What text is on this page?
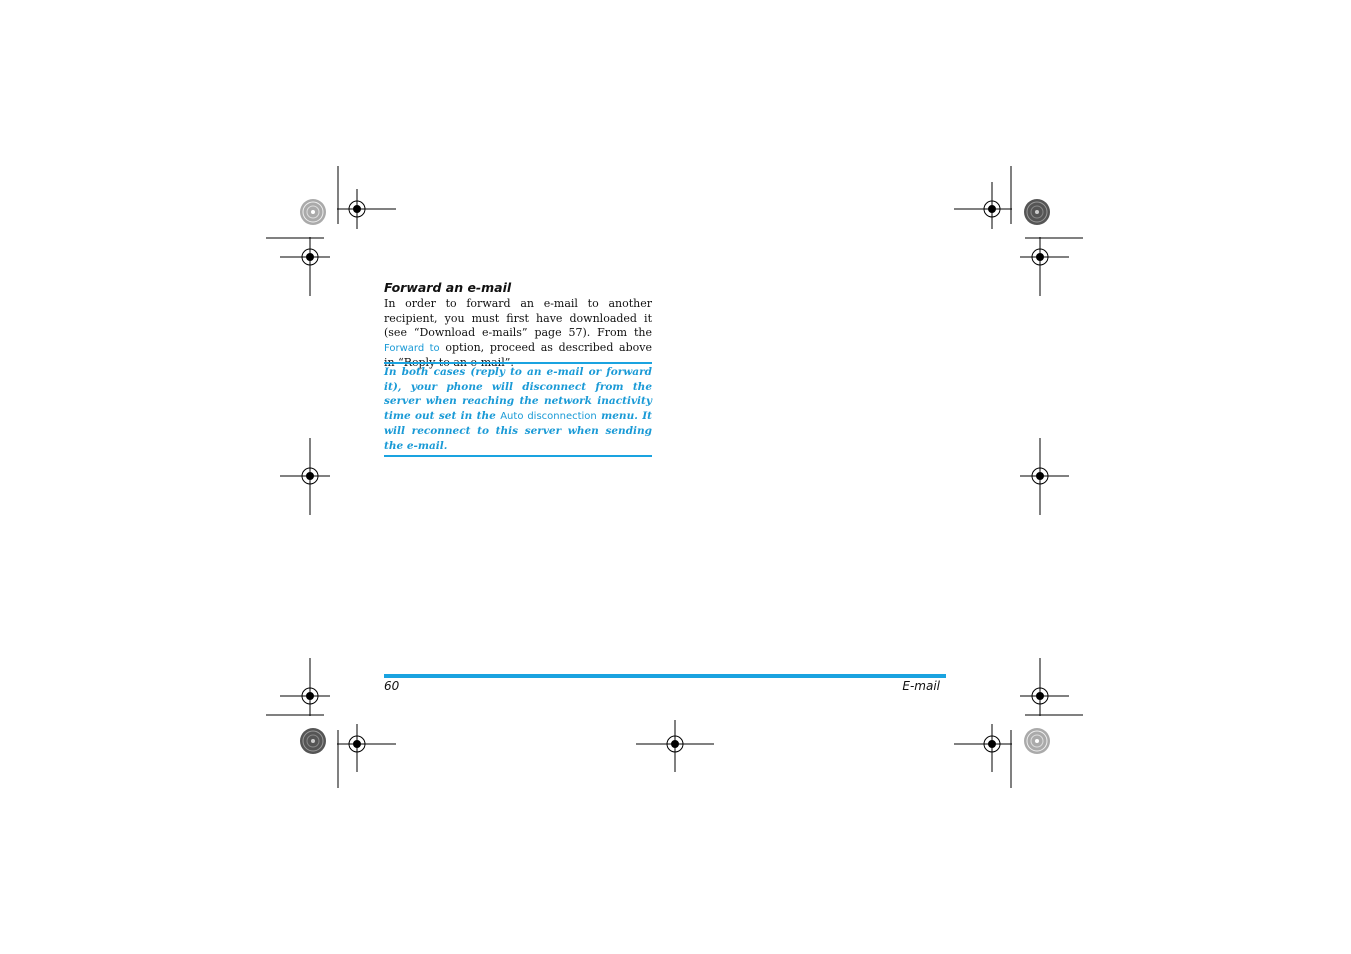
Forward an e-mail

In order to forward an e-mail to another recipient, you must first have downloaded it (see “Download e-mails” page 57). From the Forward to option, proceed as described above in “Reply to an e-mail”.

In both cases (reply to an e-mail or forward it), your phone will disconnect from the server when reaching the network inactivity time out set in the Auto disconnection menu. It will reconnect to this server when sending the e-mail.
60	E-mail
